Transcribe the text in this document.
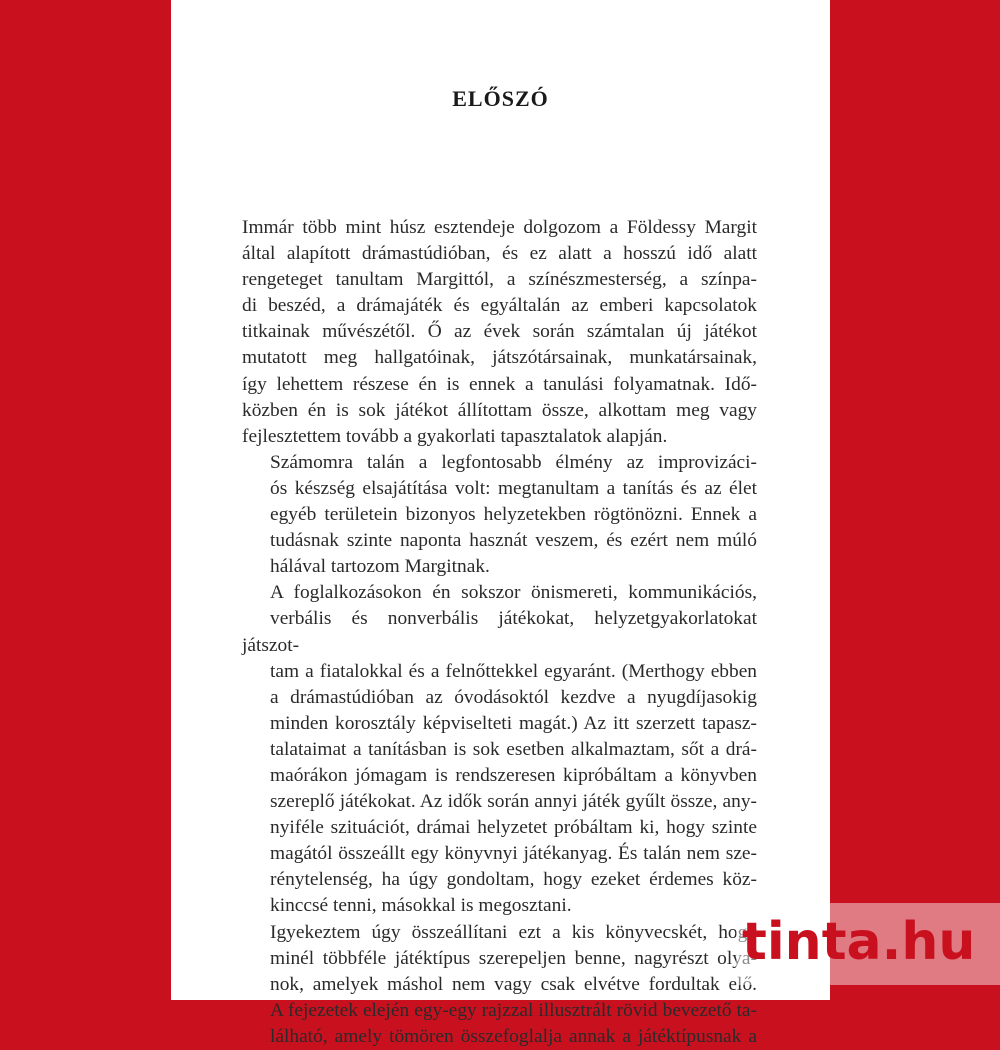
ELŐSZÓ

Immár több mint húsz esztendeje dolgozom a Földessy Margit
által alapított drámastúdióban, és ez alatt a hosszú idő alatt
rengeteget tanultam Margittól, a színészmesterség, a színpa-
di beszéd, a drámajáték és egyáltalán az emberi kapcsolatok
titkainak művészétől. Ő az évek során számtalan új játékot
mutatott meg hallgatóinak, játszótársainak, munkatársainak,
így lehettem részese én is ennek a tanulási folyamatnak. Idő-
közben én is sok játékot állítottam össze, alkottam meg vagy
fejlesztettem tovább a gyakorlati tapasztalatok alapján.

Számomra talán a legfontosabb élmény az improvizáci-
ós készség elsajátítása volt: megtanultam a tanítás és az élet
egyéb területein bizonyos helyzetekben rögtönözni. Ennek a
tudásnak szinte naponta hasznát veszem, és ezért nem múló
hálával tartozom Margitnak.

A foglalkozásokon én sokszor önismereti, kommunikációs,
verbális és nonverbális játékokat, helyzetgyakorlatokat játszot-
tam a fiatalokkal és a felnőttekkel egyaránt. (Merthogy ebben
a drámastúdióban az óvodásoktól kezdve a nyugdíjasokig
minden korosztály képviselteti magát.) Az itt szerzett tapasz-
talataimat a tanításban is sok esetben alkalmaztam, sőt a drá-
maórákon jómagam is rendszeresen kipróbáltam a könyvben
szereplő játékokat. Az idők során annyi játék gyűlt össze, any-
nyiféle szituációt, drámai helyzetet próbáltam ki, hogy szinte
magától összeállt egy könyvnyi játékanyag. És talán nem sze-
rénytelenség, ha úgy gondoltam, hogy ezeket érdemes köz-
kinccsé tenni, másokkal is megosztani.

Igyekeztem úgy összeállítani ezt a kis könyvecskét, hogy
minél többféle játéktípus szerepeljen benne, nagyrészt olya-
nok, amelyek máshol nem vagy csak elvétve fordultak elő.
A fejezetek elején egy-egy rajzzal illusztrált rövid bevezető ta-
lálható, amely tömören összefoglalja annak a játéktípusnak a

tinta.hu
